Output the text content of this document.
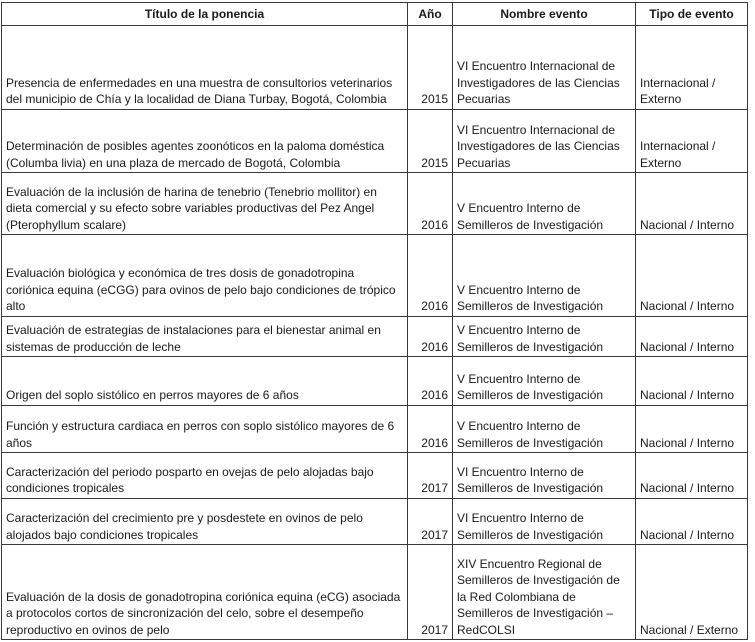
Título de la ponencia	Año	Nombre evento	Tipo de evento
Presencia de enfermedades en una muestra de consultorios veterinarios del municipio de Chía y la localidad de Diana Turbay, Bogotá, Colombia	2015	VI Encuentro Internacional de Investigadores de las Ciencias Pecuarias	Internacional / Externo
Determinación de posibles agentes zoonóticos en la paloma doméstica (Columba livia) en una plaza de mercado de Bogotá, Colombia	2015	VI Encuentro Internacional de Investigadores de las Ciencias Pecuarias	Internacional / Externo
Evaluación de la inclusión de harina de tenebrio (Tenebrio mollitor) en dieta comercial y su efecto sobre variables productivas del Pez Angel (Pterophyllum scalare)	2016	V Encuentro Interno de Semilleros de Investigación	Nacional / Interno
Evaluación biológica y económica de tres dosis de gonadotropina coriónica equina (eCGG) para ovinos de pelo bajo condiciones de trópico alto	2016	V Encuentro Interno de Semilleros de Investigación	Nacional / Interno
Evaluación de estrategias de instalaciones para el bienestar animal en sistemas de producción de leche	2016	V Encuentro Interno de Semilleros de Investigación	Nacional / Interno
Origen del soplo sistólico en perros mayores de 6 años	2016	V Encuentro Interno de Semilleros de Investigación	Nacional / Interno
Función y estructura cardiaca en perros con soplo sistólico mayores de 6 años	2016	V Encuentro Interno de Semilleros de Investigación	Nacional / Interno
Caracterización del periodo posparto en ovejas de pelo alojadas bajo condiciones tropicales	2017	VI Encuentro Interno de Semilleros de Investigación	Nacional / Interno
Caracterización del crecimiento pre y posdestete en ovinos de pelo alojados bajo condiciones tropicales	2017	VI Encuentro Interno de Semilleros de Investigación	Nacional / Interno
Evaluación de la dosis de gonadotropina coriónica equina (eCG) asociada a protocolos cortos de sincronización del celo, sobre el desempeño reproductivo en ovinos de pelo	2017	XIV Encuentro Regional de Semilleros de Investigación de la Red Colombiana de Semilleros de Investigación – RedCOLSI	Nacional / Externo
